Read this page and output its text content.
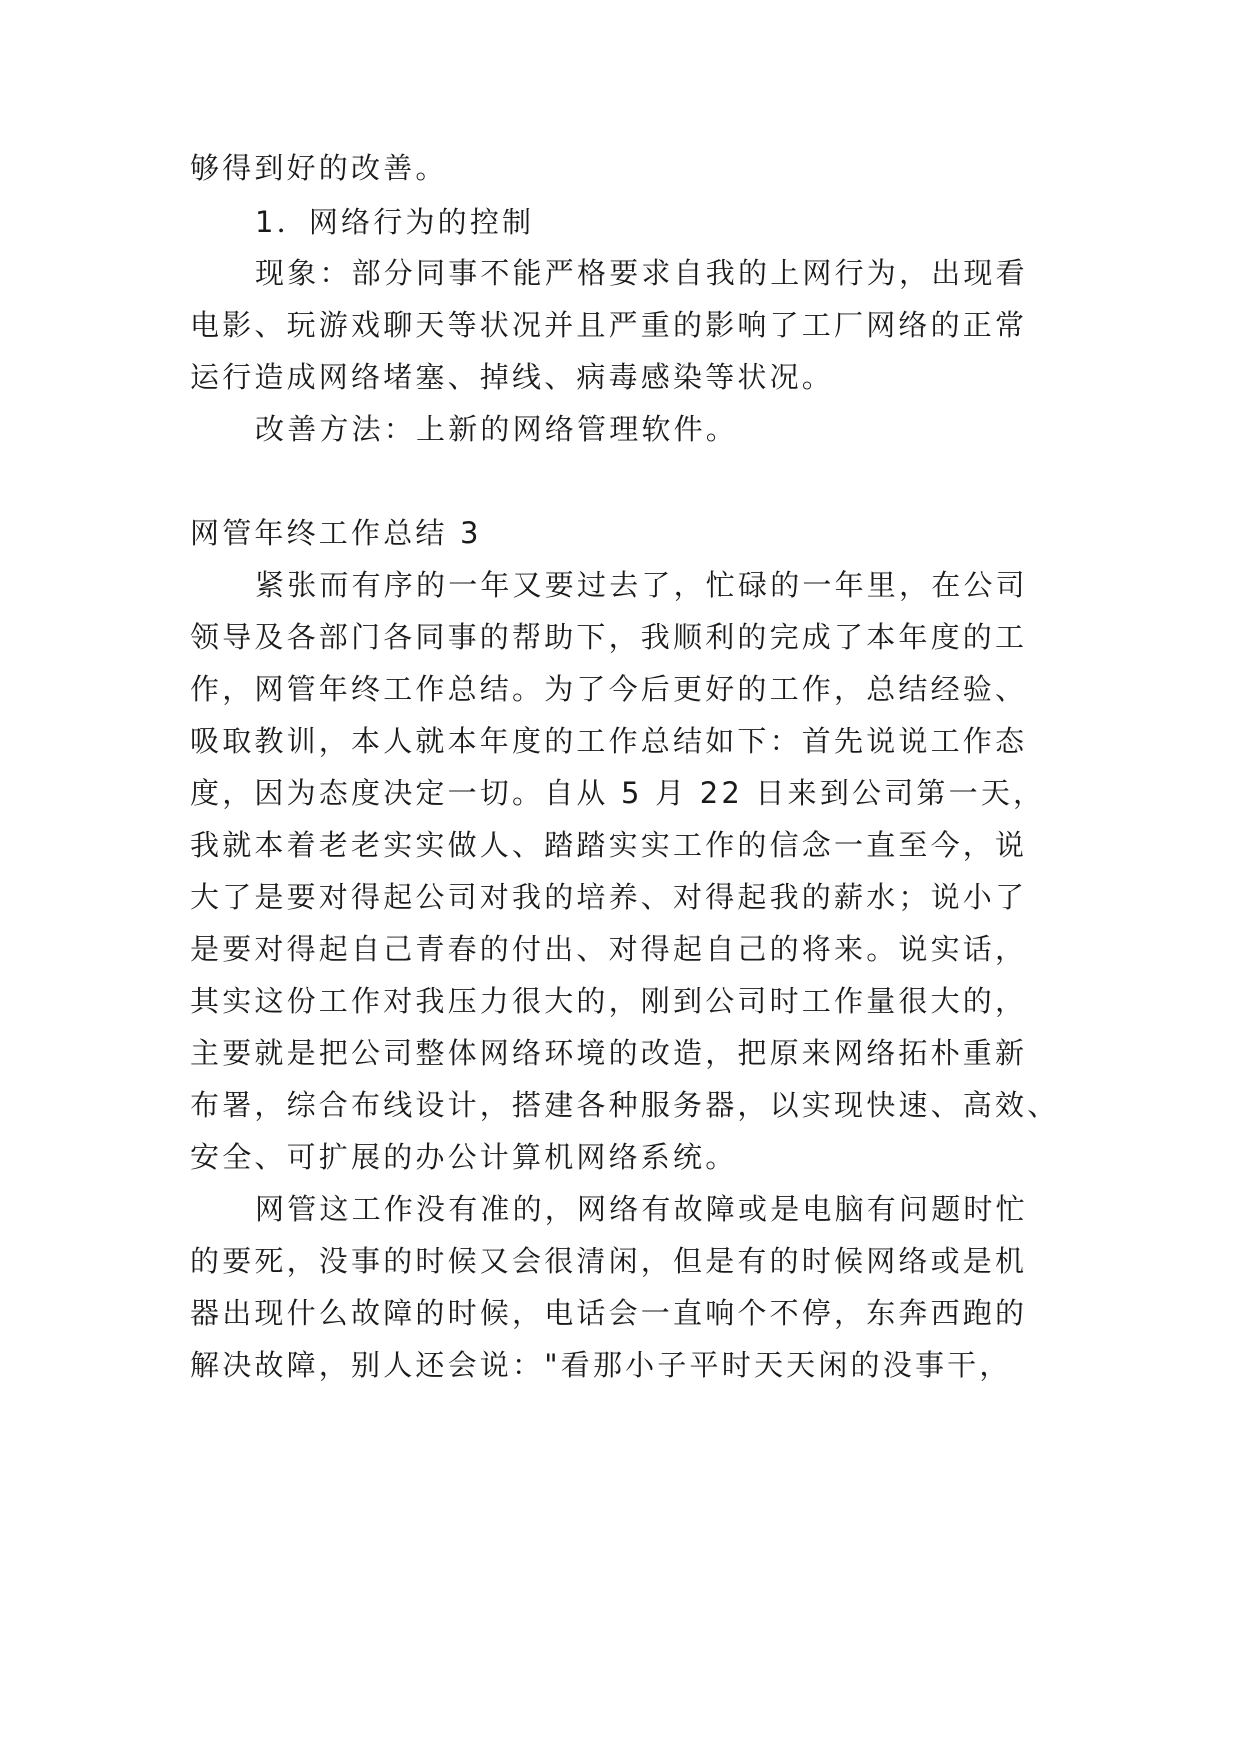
够得到好的改善。
1．网络行为的控制
现象：部分同事不能严格要求自我的上网行为，出现看
电影、玩游戏聊天等状况并且严重的影响了工厂网络的正常
运行造成网络堵塞、掉线、病毒感染等状况。
改善方法：上新的网络管理软件。
网管年终工作总结 3
紧张而有序的一年又要过去了，忙碌的一年里，在公司
领导及各部门各同事的帮助下，我顺利的完成了本年度的工
作，网管年终工作总结。为了今后更好的工作，总结经验、
吸取教训，本人就本年度的工作总结如下：首先说说工作态
度，因为态度决定一切。自从 5 月 22 日来到公司第一天，
我就本着老老实实做人、踏踏实实工作的信念一直至今，说
大了是要对得起公司对我的培养、对得起我的薪水；说小了
是要对得起自己青春的付出、对得起自己的将来。说实话，
其实这份工作对我压力很大的，刚到公司时工作量很大的，
主要就是把公司整体网络环境的改造，把原来网络拓朴重新
布署，综合布线设计，搭建各种服务器，以实现快速、高效、
安全、可扩展的办公计算机网络系统。
网管这工作没有准的，网络有故障或是电脑有问题时忙
的要死，没事的时候又会很清闲，但是有的时候网络或是机
器出现什么故障的时候，电话会一直响个不停，东奔西跑的
解决故障，别人还会说："看那小子平时天天闲的没事干，
